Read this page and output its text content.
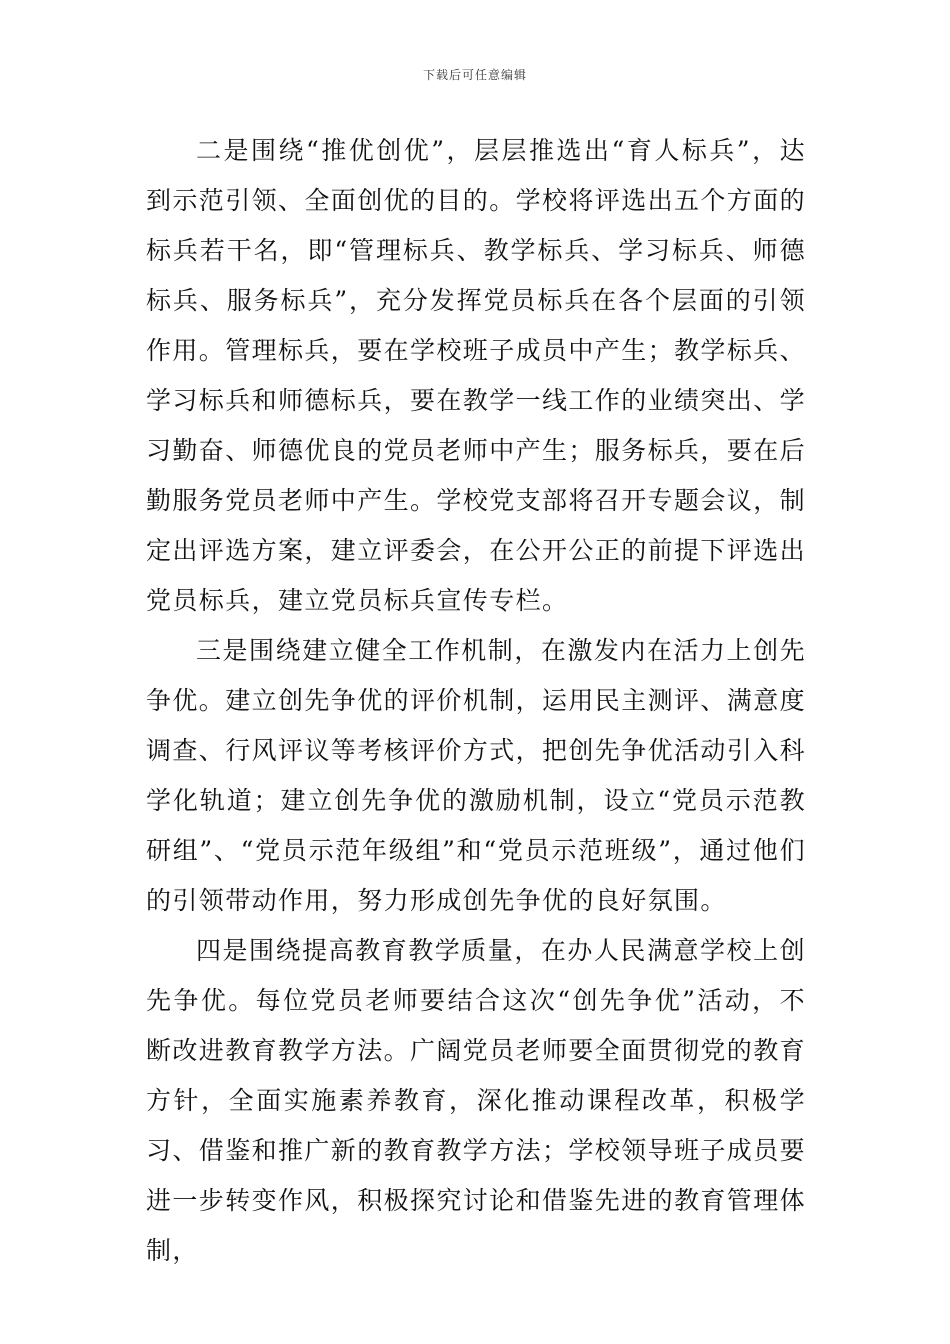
下载后可任意编辑

二是围绕“推优创优”，层层推选出“育人标兵”，达到示范引领、全面创优的目的。学校将评选出五个方面的标兵若干名，即“管理标兵、教学标兵、学习标兵、师德标兵、服务标兵”，充分发挥党员标兵在各个层面的引领作用。管理标兵，要在学校班子成员中产生；教学标兵、学习标兵和师德标兵，要在教学一线工作的业绩突出、学习勤奋、师德优良的党员老师中产生；服务标兵，要在后勤服务党员老师中产生。学校党支部将召开专题会议，制定出评选方案，建立评委会，在公开公正的前提下评选出党员标兵，建立党员标兵宣传专栏。

三是围绕建立健全工作机制，在激发内在活力上创先争优。建立创先争优的评价机制，运用民主测评、满意度调查、行风评议等考核评价方式，把创先争优活动引入科学化轨道；建立创先争优的激励机制，设立“党员示范教研组”、“党员示范年级组”和“党员示范班级”，通过他们的引领带动作用，努力形成创先争优的良好氛围。

四是围绕提高教育教学质量，在办人民满意学校上创先争优。每位党员老师要结合这次“创先争优”活动，不断改进教育教学方法。广阔党员老师要全面贯彻党的教育方针，全面实施素养教育，深化推动课程改革，积极学习、借鉴和推广新的教育教学方法；学校领导班子成员要进一步转变作风，积极探究讨论和借鉴先进的教育管理体制，
